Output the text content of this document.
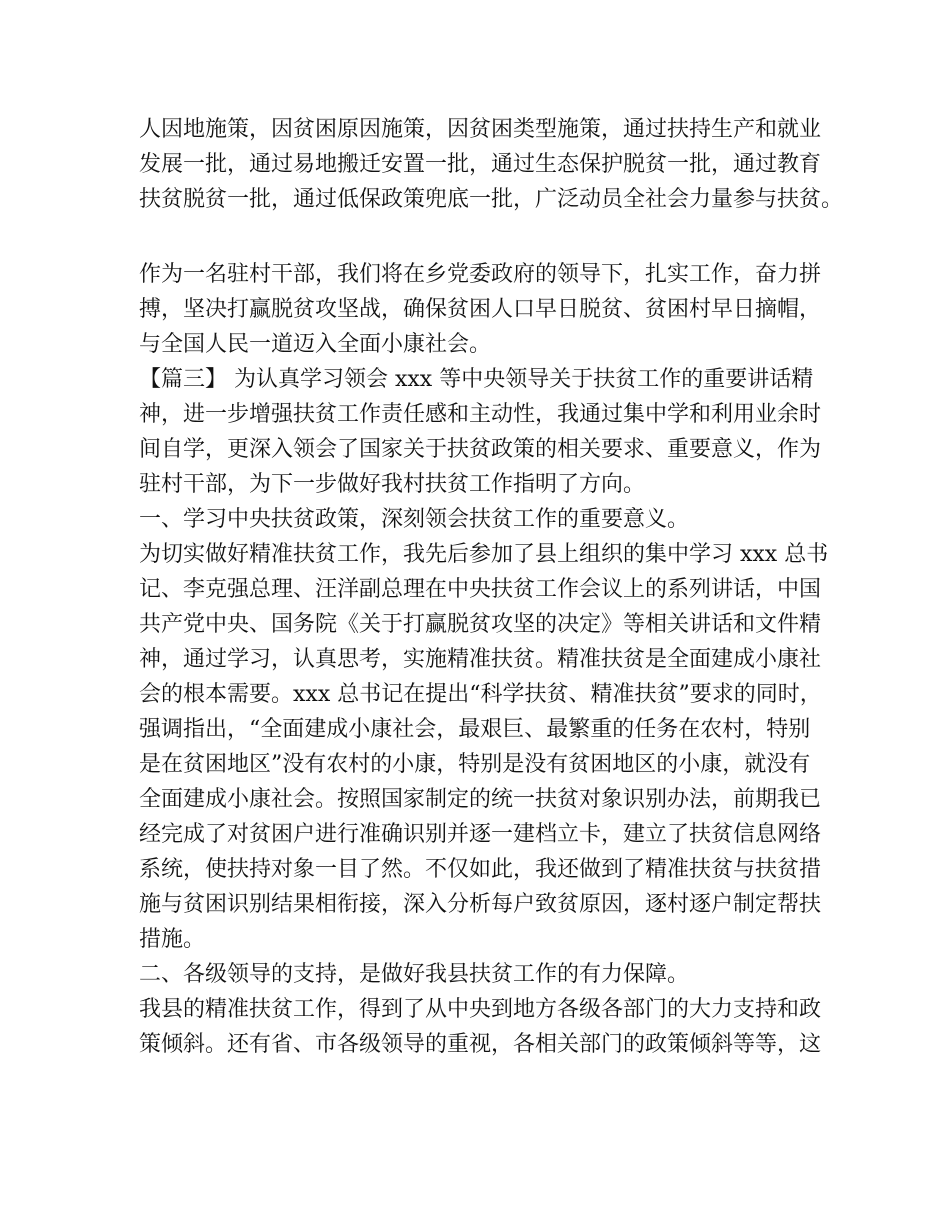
人因地施策，因贫困原因施策，因贫困类型施策，通过扶持生产和就业
发展一批，通过易地搬迁安置一批，通过生态保护脱贫一批，通过教育
扶贫脱贫一批，通过低保政策兜底一批，广泛动员全社会力量参与扶贫。
作为一名驻村干部，我们将在乡党委政府的领导下，扎实工作，奋力拼
搏，坚决打赢脱贫攻坚战，确保贫困人口早日脱贫、贫困村早日摘帽，
与全国人民一道迈入全面小康社会。
【篇三】 为认真学习领会 xxx 等中央领导关于扶贫工作的重要讲话精
神，进一步增强扶贫工作责任感和主动性，我通过集中学和利用业余时
间自学，更深入领会了国家关于扶贫政策的相关要求、重要意义，作为
驻村干部，为下一步做好我村扶贫工作指明了方向。
一、学习中央扶贫政策，深刻领会扶贫工作的重要意义。
为切实做好精准扶贫工作，我先后参加了县上组织的集中学习 xxx 总书
记、李克强总理、汪洋副总理在中央扶贫工作会议上的系列讲话，中国
共产党中央、国务院《关于打赢脱贫攻坚的决定》等相关讲话和文件精
神，通过学习，认真思考，实施精准扶贫。精准扶贫是全面建成小康社
会的根本需要。xxx 总书记在提出“科学扶贫、精准扶贫”要求的同时，
强调指出，“全面建成小康社会，最艰巨、最繁重的任务在农村，特别
是在贫困地区”没有农村的小康，特别是没有贫困地区的小康，就没有
全面建成小康社会。按照国家制定的统一扶贫对象识别办法，前期我已
经完成了对贫困户进行准确识别并逐一建档立卡，建立了扶贫信息网络
系统，使扶持对象一目了然。不仅如此，我还做到了精准扶贫与扶贫措
施与贫困识别结果相衔接，深入分析每户致贫原因，逐村逐户制定帮扶
措施。
二、各级领导的支持，是做好我县扶贫工作的有力保障。
我县的精准扶贫工作，得到了从中央到地方各级各部门的大力支持和政
策倾斜。还有省、市各级领导的重视，各相关部门的政策倾斜等等，这
